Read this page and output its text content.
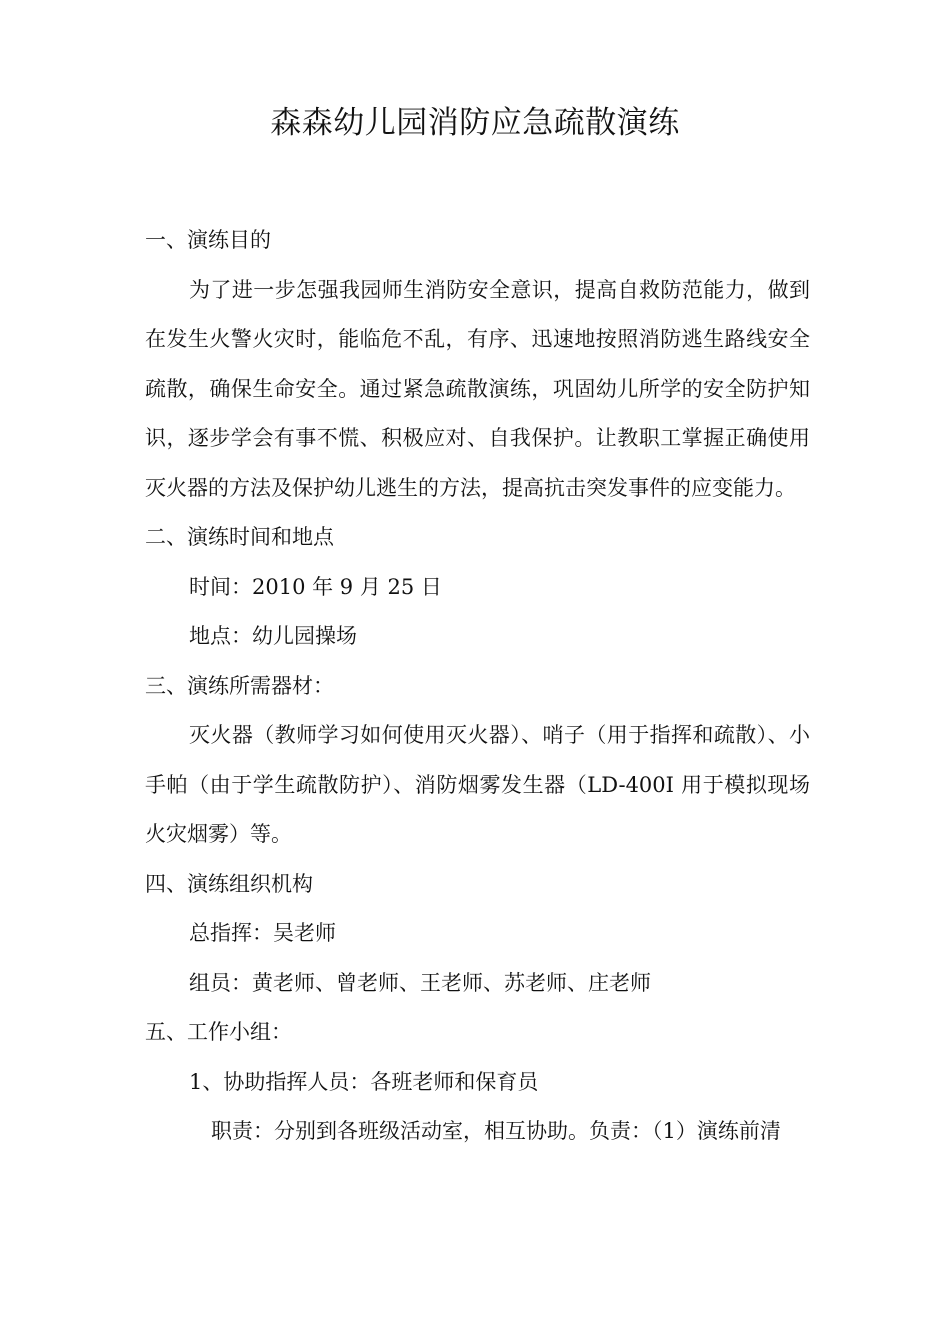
森森幼儿园消防应急疏散演练

一、演练目的

为了进一步怎强我园师生消防安全意识，提高自救防范能力，做到在发生火警火灾时，能临危不乱，有序、迅速地按照消防逃生路线安全疏散，确保生命安全。通过紧急疏散演练，巩固幼儿所学的安全防护知识，逐步学会有事不慌、积极应对、自我保护。让教职工掌握正确使用灭火器的方法及保护幼儿逃生的方法，提高抗击突发事件的应变能力。

二、演练时间和地点

时间：2010 年 9 月 25 日

地点：幼儿园操场

三、演练所需器材：

灭火器（教师学习如何使用灭火器）、哨子（用于指挥和疏散）、小手帕（由于学生疏散防护）、消防烟雾发生器（LD-400I 用于模拟现场火灾烟雾）等。

四、演练组织机构

总指挥：吴老师

组员：黄老师、曾老师、王老师、苏老师、庄老师

五、工作小组：

1、协助指挥人员：各班老师和保育员

职责：分别到各班级活动室，相互协助。负责：（1）演练前清
